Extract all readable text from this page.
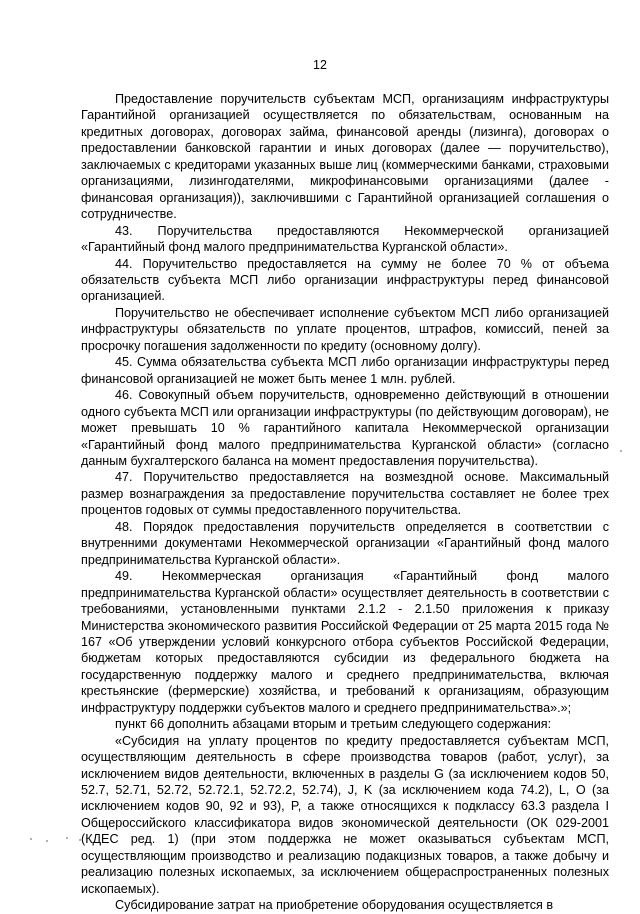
12

Предоставление поручительств субъектам МСП, организациям инфраструктуры Гарантийной организацией осуществляется по обязательствам, основанным на кредитных договорах, договорах займа, финансовой аренды (лизинга), договорах о предоставлении банковской гарантии и иных договорах (далее — поручительство), заключаемых с кредиторами указанных выше лиц (коммерческими банками, страховыми организациями, лизингодателями, микрофинансовыми организациями (далее - финансовая организация)), заключившими с Гарантийной организацией соглашения о сотрудничестве.

43. Поручительства предоставляются Некоммерческой организацией «Гарантийный фонд малого предпринимательства Курганской области».

44. Поручительство предоставляется на сумму не более 70 % от объема обязательств субъекта МСП либо организации инфраструктуры перед финансовой организацией.

Поручительство не обеспечивает исполнение субъектом МСП либо организацией инфраструктуры обязательств по уплате процентов, штрафов, комиссий, пеней за просрочку погашения задолженности по кредиту (основному долгу).

45. Сумма обязательства субъекта МСП либо организации инфраструктуры перед финансовой организацией не может быть менее 1 млн. рублей.

46. Совокупный объем поручительств, одновременно действующий в отношении одного субъекта МСП или организации инфраструктуры (по действующим договорам), не может превышать 10 % гарантийного капитала Некоммерческой организации «Гарантийный фонд малого предпринимательства Курганской области» (согласно данным бухгалтерского баланса на момент предоставления поручительства).

47. Поручительство предоставляется на возмездной основе. Максимальный размер вознаграждения за предоставление поручительства составляет не более трех процентов годовых от суммы предоставленного поручительства.

48. Порядок предоставления поручительств определяется в соответствии с внутренними документами Некоммерческой организации «Гарантийный фонд малого предпринимательства Курганской области».

49. Некоммерческая организация «Гарантийный фонд малого предпринимательства Курганской области» осуществляет деятельность в соответствии с требованиями, установленными пунктами 2.1.2 - 2.1.50 приложения к приказу Министерства экономического развития Российской Федерации от 25 марта 2015 года № 167 «Об утверждении условий конкурсного отбора субъектов Российской Федерации, бюджетам которых предоставляются субсидии из федерального бюджета на государственную поддержку малого и среднего предпринимательства, включая крестьянские (фермерские) хозяйства, и требований к организациям, образующим инфраструктуру поддержки субъектов малого и среднего предпринимательства».»;

пункт 66 дополнить абзацами вторым и третьим следующего содержания:

«Субсидия на уплату процентов по кредиту предоставляется субъектам МСП, осуществляющим деятельность в сфере производства товаров (работ, услуг), за исключением видов деятельности, включенных в разделы G (за исключением кодов 50, 52.7, 52.71, 52.72, 52.72.1, 52.72.2, 52.74), J, K (за исключением кода 74.2), L, O (за исключением кодов 90, 92 и 93), P, а также относящихся к подклассу 63.3 раздела I Общероссийского классификатора видов экономической деятельности (ОК 029-2001 (КДЕС ред. 1) (при этом поддержка не может оказываться субъектам МСП, осуществляющим производство и реализацию подакцизных товаров, а также добычу и реализацию полезных ископаемых, за исключением общераспространенных полезных ископаемых).

Субсидирование затрат на приобретение оборудования осуществляется в
